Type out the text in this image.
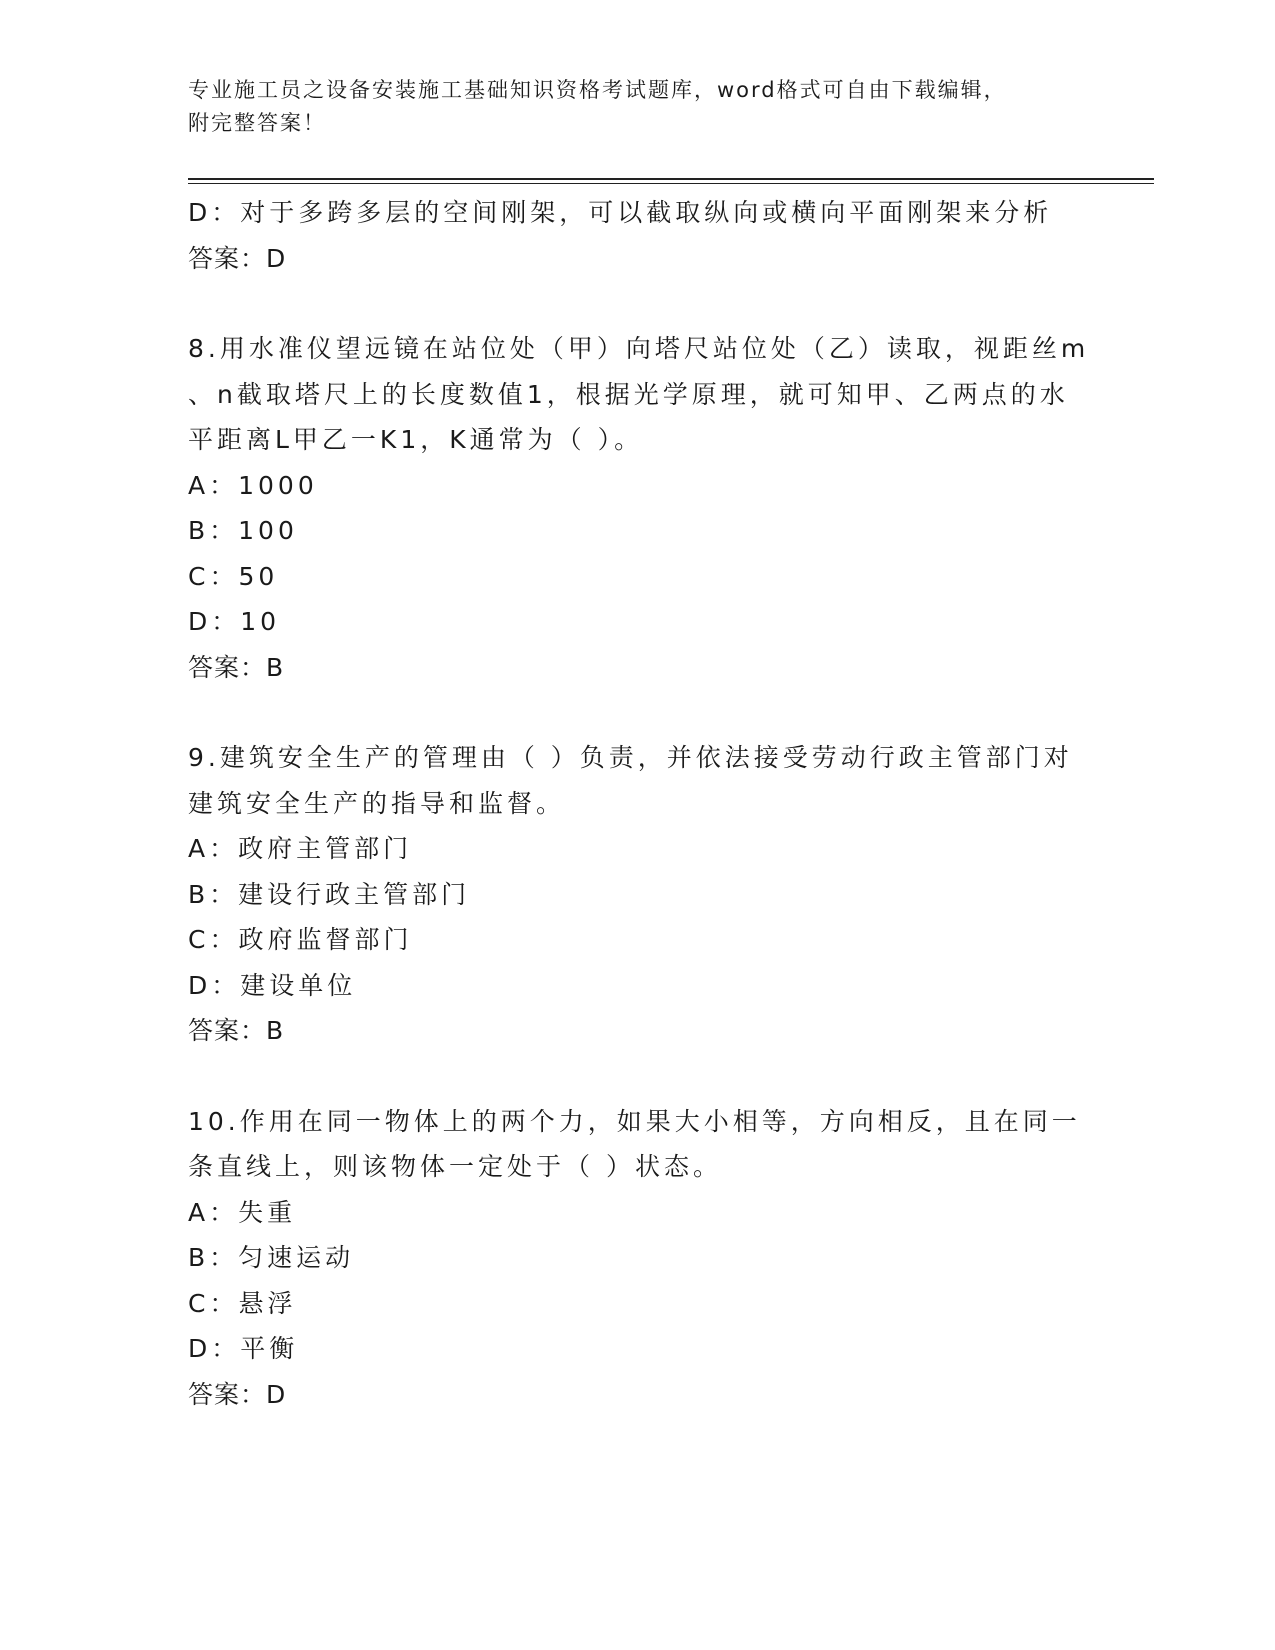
专业施工员之设备安装施工基础知识资格考试题库，word格式可自由下载编辑，
附完整答案！
D：对于多跨多层的空间刚架，可以截取纵向或横向平面刚架来分析
答案：D
8.用水准仪望远镜在站位处（甲）向塔尺站位处（乙）读取，视距丝m
、n截取塔尺上的长度数值1，根据光学原理，就可知甲、乙两点的水
平距离L甲乙一K1，K通常为（ ）。
A：1000
B：100
C：50
D：10
答案：B
9.建筑安全生产的管理由（ ）负责，并依法接受劳动行政主管部门对
建筑安全生产的指导和监督。
A：政府主管部门
B：建设行政主管部门
C：政府监督部门
D：建设单位
答案：B
10.作用在同一物体上的两个力，如果大小相等，方向相反，且在同一
条直线上，则该物体一定处于（ ）状态。
A：失重
B：匀速运动
C：悬浮
D：平衡
答案：D
